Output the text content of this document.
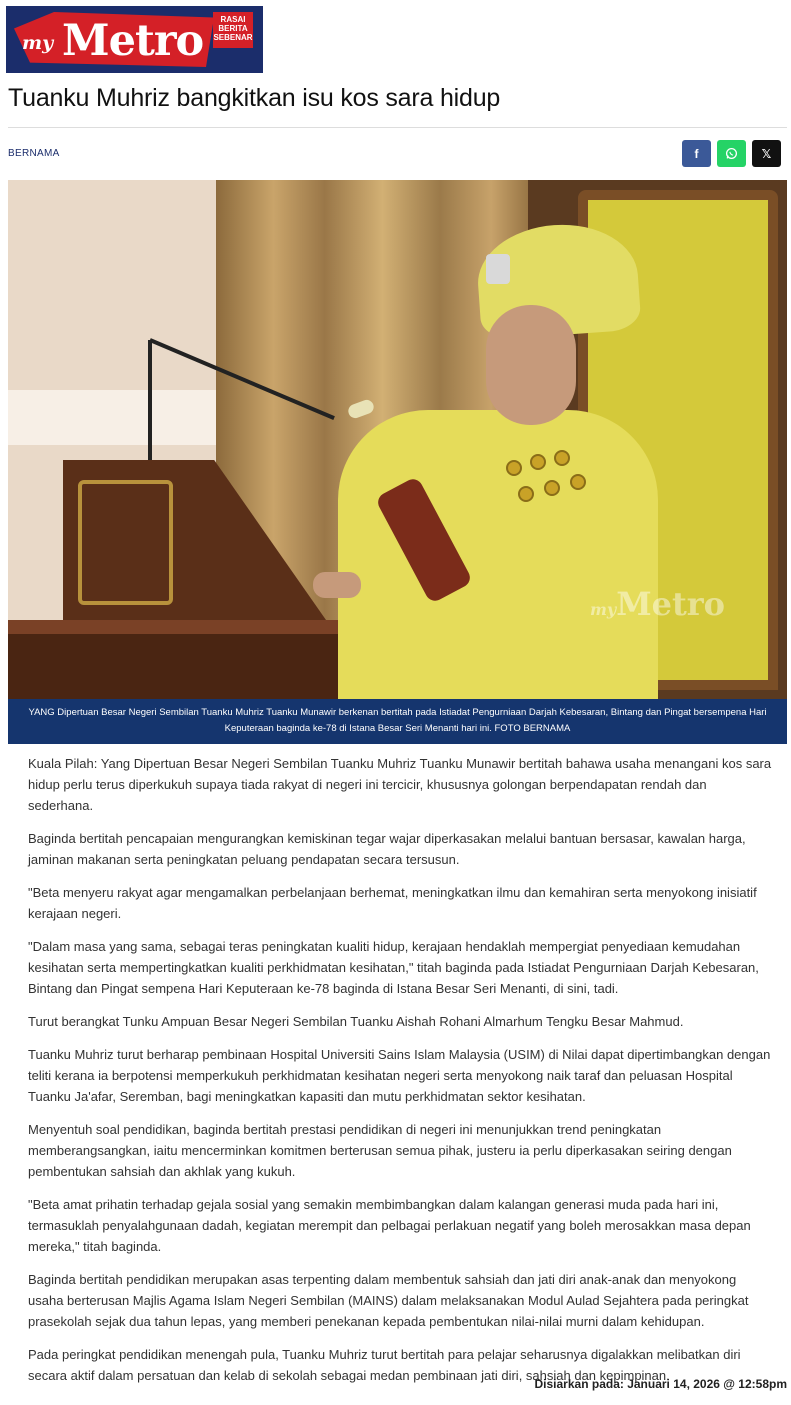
my Metro	RASAI
BERITA
SEBENAR
Tuanku Muhriz bangkitkan isu kos sara hidup
BERNAMA	f	𝕏
myMetro
YANG Dipertuan Besar Negeri Sembilan Tuanku Muhriz Tuanku Munawir berkenan bertitah pada Istiadat Pengurniaan Darjah Kebesaran, Bintang dan Pingat bersempena Hari Keputeraan baginda ke-78 di Istana Besar Seri Menanti hari ini. FOTO BERNAMA

Kuala Pilah: Yang Dipertuan Besar Negeri Sembilan Tuanku Muhriz Tuanku Munawir bertitah bahawa usaha menangani kos sara hidup perlu terus diperkukuh supaya tiada rakyat di negeri ini tercicir, khususnya golongan berpendapatan rendah dan sederhana.

Baginda bertitah pencapaian mengurangkan kemiskinan tegar wajar diperkasakan melalui bantuan bersasar, kawalan harga, jaminan makanan serta peningkatan peluang pendapatan secara tersusun.

"Beta menyeru rakyat agar mengamalkan perbelanjaan berhemat, meningkatkan ilmu dan kemahiran serta menyokong inisiatif kerajaan negeri.

"Dalam masa yang sama, sebagai teras peningkatan kualiti hidup, kerajaan hendaklah mempergiat penyediaan kemudahan kesihatan serta mempertingkatkan kualiti perkhidmatan kesihatan," titah baginda pada Istiadat Pengurniaan Darjah Kebesaran, Bintang dan Pingat sempena Hari Keputeraan ke-78 baginda di Istana Besar Seri Menanti, di sini, tadi.

Turut berangkat Tunku Ampuan Besar Negeri Sembilan Tuanku Aishah Rohani Almarhum Tengku Besar Mahmud.

Tuanku Muhriz turut berharap pembinaan Hospital Universiti Sains Islam Malaysia (USIM) di Nilai dapat dipertimbangkan dengan teliti kerana ia berpotensi memperkukuh perkhidmatan kesihatan negeri serta menyokong naik taraf dan peluasan Hospital Tuanku Ja'afar, Seremban, bagi meningkatkan kapasiti dan mutu perkhidmatan sektor kesihatan.

Menyentuh soal pendidikan, baginda bertitah prestasi pendidikan di negeri ini menunjukkan trend peningkatan memberangsangkan, iaitu mencerminkan komitmen berterusan semua pihak, justeru ia perlu diperkasakan seiring dengan pembentukan sahsiah dan akhlak yang kukuh.

"Beta amat prihatin terhadap gejala sosial yang semakin membimbangkan dalam kalangan generasi muda pada hari ini, termasuklah penyalahgunaan dadah, kegiatan merempit dan pelbagai perlakuan negatif yang boleh merosakkan masa depan mereka," titah baginda.

Baginda bertitah pendidikan merupakan asas terpenting dalam membentuk sahsiah dan jati diri anak-anak dan menyokong usaha berterusan Majlis Agama Islam Negeri Sembilan (MAINS) dalam melaksanakan Modul Aulad Sejahtera pada peringkat prasekolah sejak dua tahun lepas, yang memberi penekanan kepada pembentukan nilai-nilai murni dalam kehidupan.

Pada peringkat pendidikan menengah pula, Tuanku Muhriz turut bertitah para pelajar seharusnya digalakkan melibatkan diri secara aktif dalam persatuan dan kelab di sekolah sebagai medan pembinaan jati diri, sahsiah dan kepimpinan.

Disiarkan pada: Januari 14, 2026 @ 12:58pm
